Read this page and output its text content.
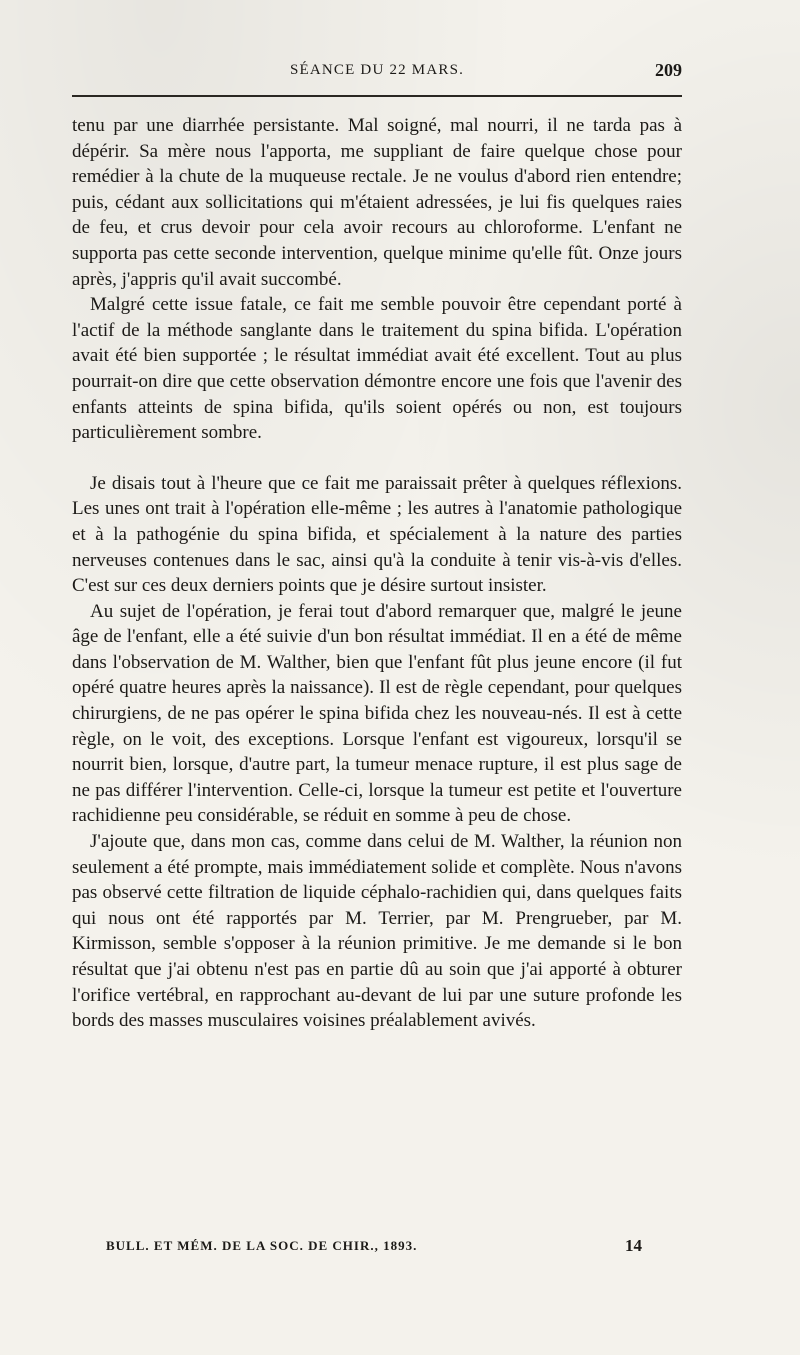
SÉANCE DU 22 MARS.	209

tenu par une diarrhée persistante. Mal soigné, mal nourri, il ne tarda pas à dépérir. Sa mère nous l'apporta, me suppliant de faire quelque chose pour remédier à la chute de la muqueuse rectale. Je ne voulus d'abord rien entendre; puis, cédant aux sollicitations qui m'étaient adressées, je lui fis quelques raies de feu, et crus devoir pour cela avoir recours au chloroforme. L'enfant ne supporta pas cette seconde intervention, quelque minime qu'elle fût. Onze jours après, j'appris qu'il avait succombé.

Malgré cette issue fatale, ce fait me semble pouvoir être cependant porté à l'actif de la méthode sanglante dans le traitement du spina bifida. L'opération avait été bien supportée ; le résultat immédiat avait été excellent. Tout au plus pourrait-on dire que cette observation démontre encore une fois que l'avenir des enfants atteints de spina bifida, qu'ils soient opérés ou non, est toujours particulièrement sombre.

Je disais tout à l'heure que ce fait me paraissait prêter à quelques réflexions. Les unes ont trait à l'opération elle-même ; les autres à l'anatomie pathologique et à la pathogénie du spina bifida, et spécialement à la nature des parties nerveuses contenues dans le sac, ainsi qu'à la conduite à tenir vis-à-vis d'elles. C'est sur ces deux derniers points que je désire surtout insister.

Au sujet de l'opération, je ferai tout d'abord remarquer que, malgré le jeune âge de l'enfant, elle a été suivie d'un bon résultat immédiat. Il en a été de même dans l'observation de M. Walther, bien que l'enfant fût plus jeune encore (il fut opéré quatre heures après la naissance). Il est de règle cependant, pour quelques chirurgiens, de ne pas opérer le spina bifida chez les nouveau-nés. Il est à cette règle, on le voit, des exceptions. Lorsque l'enfant est vigoureux, lorsqu'il se nourrit bien, lorsque, d'autre part, la tumeur menace rupture, il est plus sage de ne pas différer l'intervention. Celle-ci, lorsque la tumeur est petite et l'ouverture rachidienne peu considérable, se réduit en somme à peu de chose.

J'ajoute que, dans mon cas, comme dans celui de M. Walther, la réunion non seulement a été prompte, mais immédiatement solide et complète. Nous n'avons pas observé cette filtration de liquide céphalo-rachidien qui, dans quelques faits qui nous ont été rapportés par M. Terrier, par M. Prengrueber, par M. Kirmisson, semble s'opposer à la réunion primitive. Je me demande si le bon résultat que j'ai obtenu n'est pas en partie dû au soin que j'ai apporté à obturer l'orifice vertébral, en rapprochant au-devant de lui par une suture profonde les bords des masses musculaires voisines préalablement avivés.

BULL. ET MÉM. DE LA SOC. DE CHIR., 1893.	14
